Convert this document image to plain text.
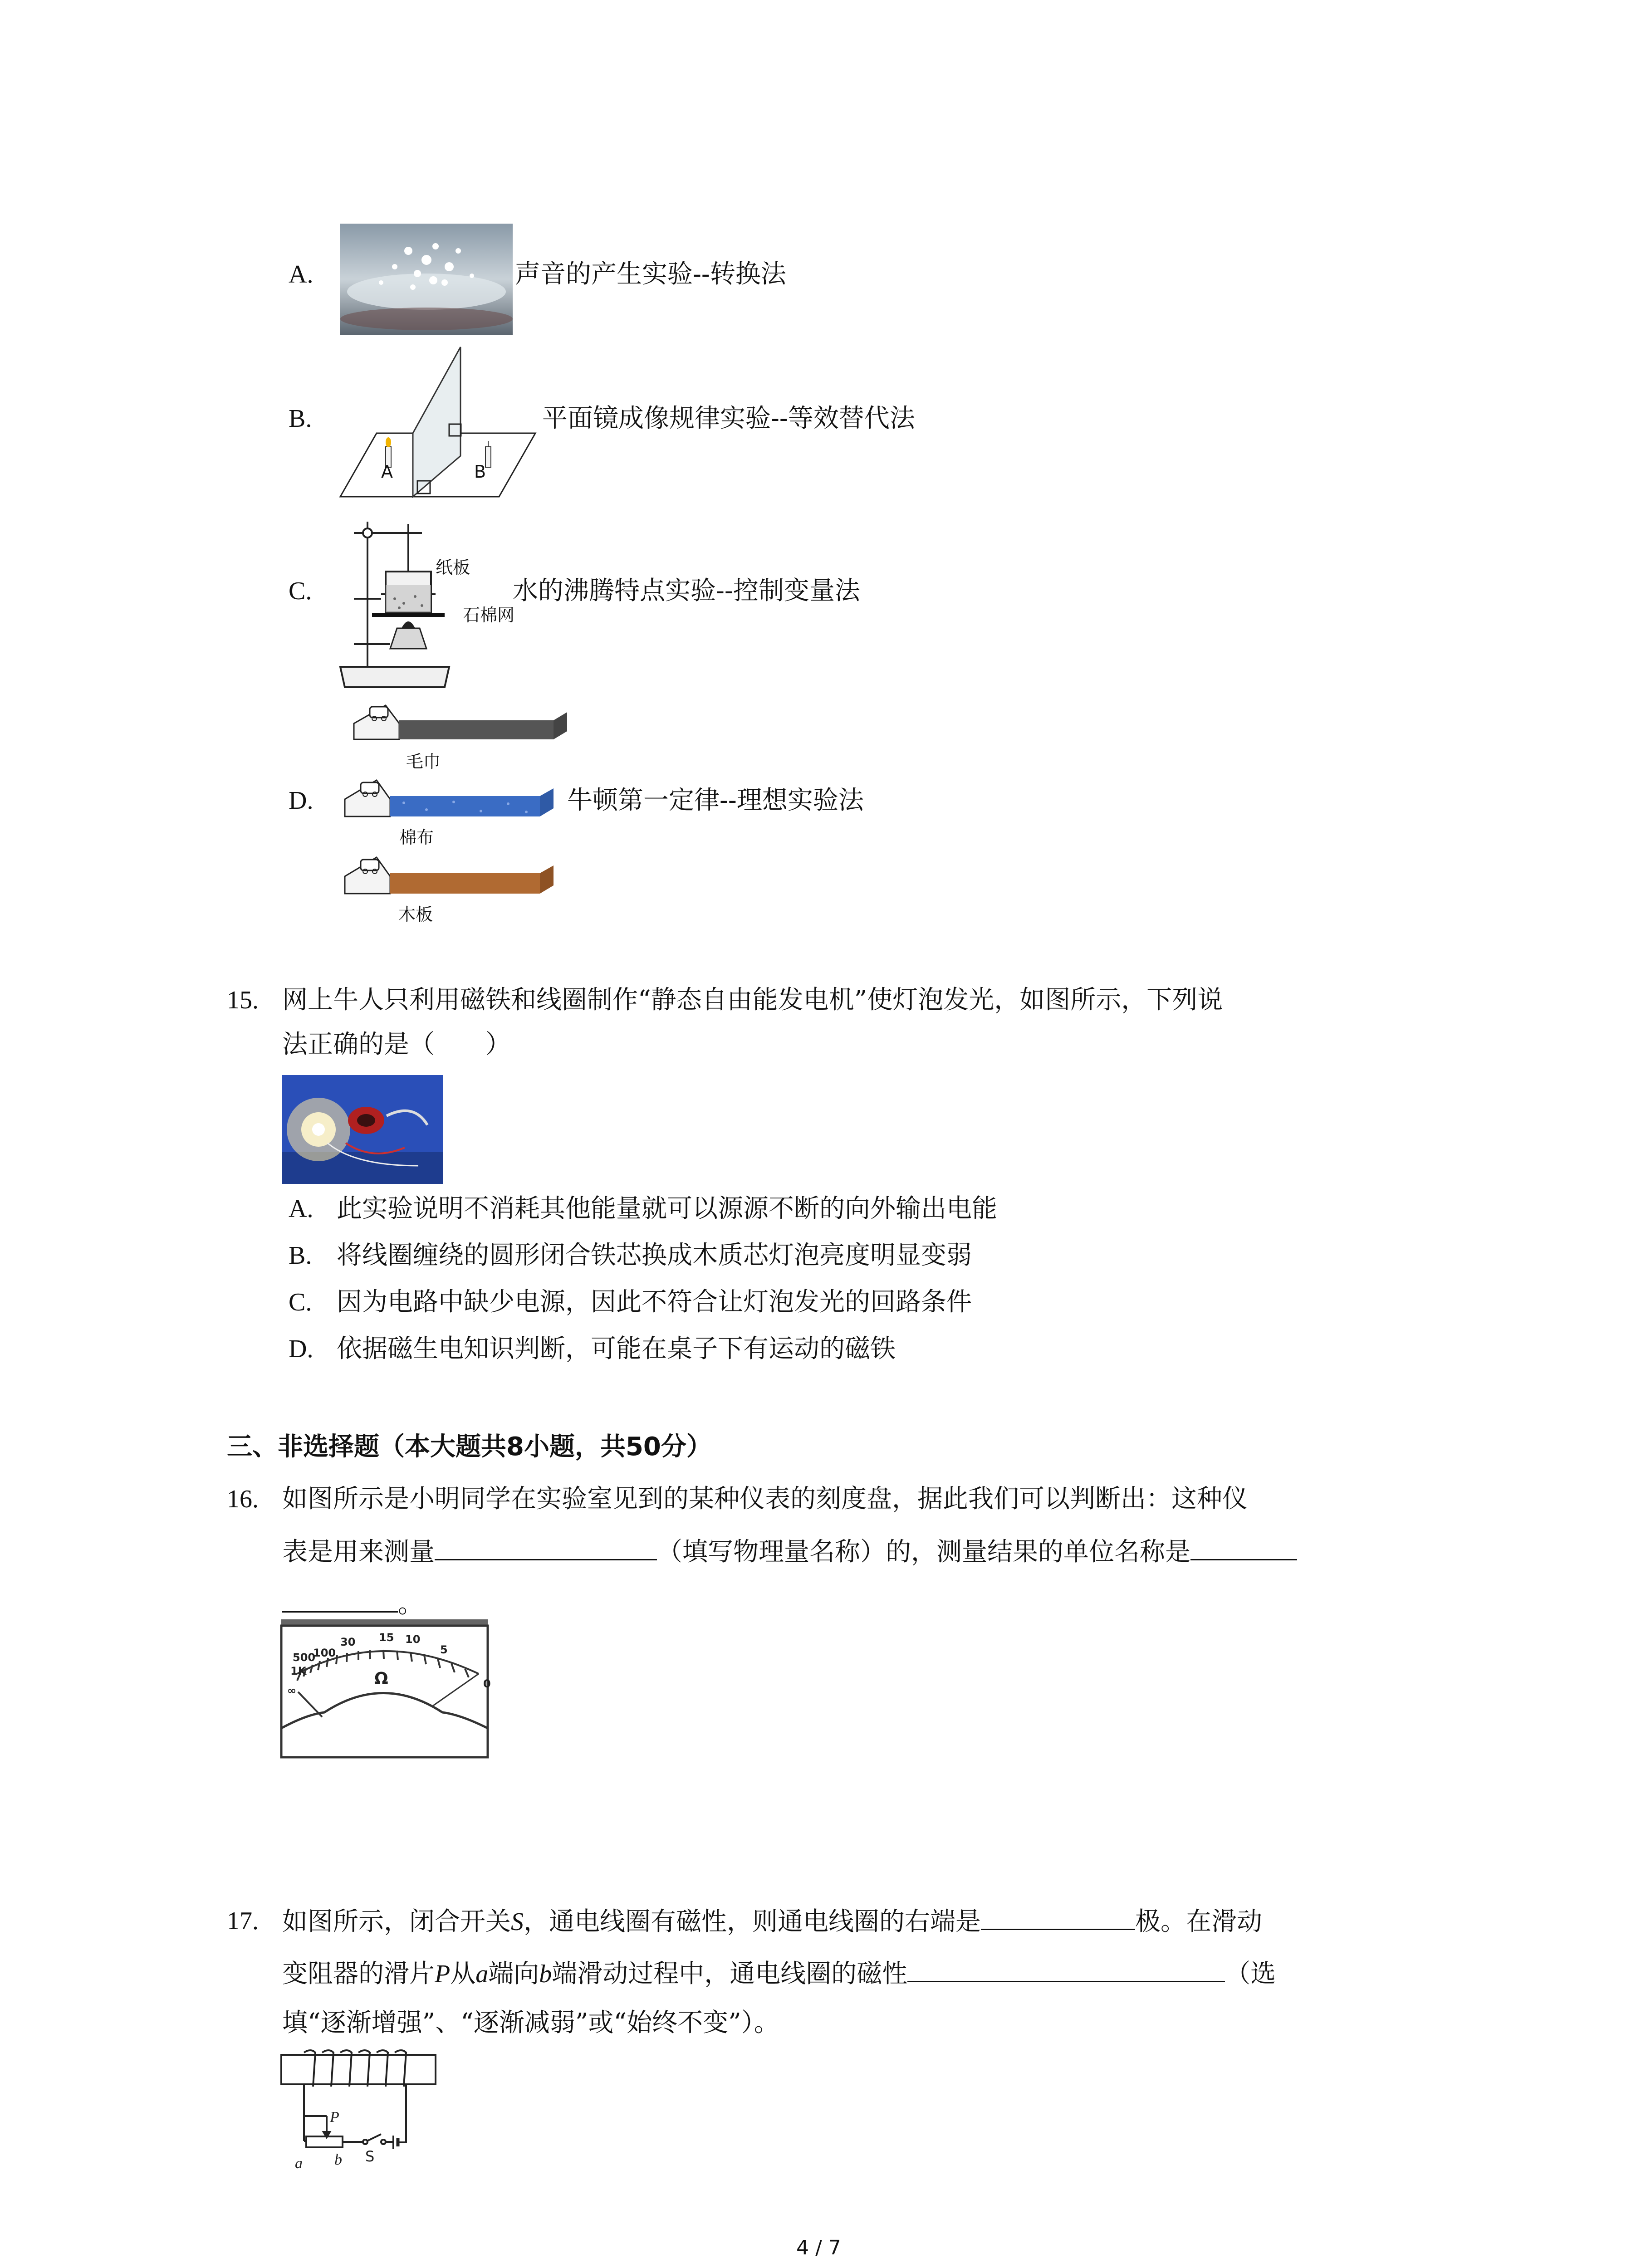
A.	声音的产生实验--转换法
B.
A	B
平面镜成像规律实验--等效替代法
C.
纸板
石棉网
水的沸腾特点实验--控制变量法
D.
毛巾
棉布
牛顿第一定律--理想实验法
木板
15. 网上牛人只利用磁铁和线圈制作“静态自由能发电机”使灯泡发光，如图所示，下列说
法正确的是（　　）
A. 此实验说明不消耗其他能量就可以源源不断的向外输出电能
B. 将线圈缠绕的圆形闭合铁芯换成木质芯灯泡亮度明显变弱
C. 因为电路中缺少电源，因此不符合让灯泡发光的回路条件
D. 依据磁生电知识判断，可能在桌子下有运动的磁铁
三、非选择题（本大题共8小题，共50分）
16. 如图所示是小明同学在实验室见到的某种仪表的刻度盘，据此我们可以判断出：这种仪
表是用来测量	（填写物理量名称）的，测量结果的单位名称是
。
∞
1K
500
100
30 15 10
5
0
Ω
17. 如图所示，闭合开关S，通电线圈有磁性，则通电线圈的右端是	极。在滑动
变阻器的滑片P从a端向b端滑动过程中，通电线圈的磁性	（选
填“逐渐增强”、“逐渐减弱”或“始终不变”）。
P
a b S
4 / 7
